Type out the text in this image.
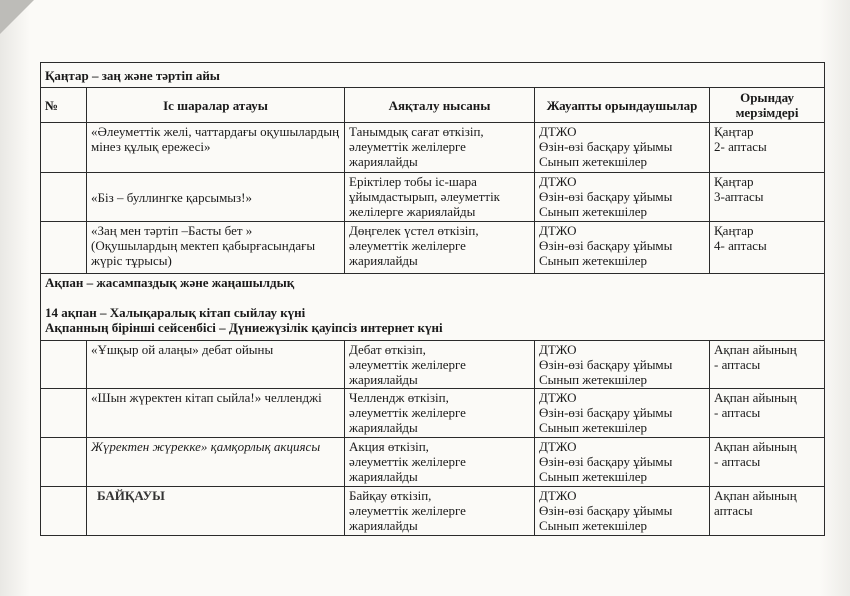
Қаңтар – заң және тәртіп айы				
№	Іс шаралар атауы	Аяқталу нысаны	Жауапты орындаушылар	Орындау мерзімдері
	«Әлеуметтік желі, чаттардағы оқушылардың мінез құлық ережесі»	Танымдық сағат өткізіп,
әлеуметтік желілерге
жариялайды	ДТЖО
Өзін-өзі басқару ұйымы
Сынып жетекшілер	Қаңтар
2- аптасы

	«Біз – буллингке қарсымыз!»	Еріктілер тобы іс-шара
ұйымдастырып, әлеуметтік
желілерге жариялайды	ДТЖО
Өзін-өзі басқару ұйымы
Сынып жетекшілер	Қаңтар
3-аптасы

	«Заң мен тәртіп –Басты бет » (Оқушылардың мектеп қабырғасындағы жүріс тұрысы)	Дөңгелек үстел өткізіп,
әлеуметтік желілерге
жариялайды	ДТЖО
Өзін-өзі басқару ұйымы
Сынып жетекшілер	Қаңтар
4- аптасы

Ақпан – жасампаздық және жаңашылдық
14 ақпан – Халықаралық кітап сыйлау күні
Ақпанның бірінші сейсенбісі – Дүниежүзілік қауіпсіз интернет күні				

	«Ұшқыр ой алаңы» дебат ойыны	Дебат өткізіп,
әлеуметтік желілерге
жариялайды	ДТЖО
Өзін-өзі басқару ұйымы
Сынып жетекшілер	Ақпан айының
- аптасы

	«Шын жүректен кітап сыйла!» челленджі	Челлендж өткізіп,
әлеуметтік желілерге
жариялайды	ДТЖО
Өзін-өзі басқару ұйымы
Сынып жетекшілер	Ақпан айының
- аптасы

	Жүректен жүрекке» қамқорлық акциясы	Акция өткізіп,
әлеуметтік желілерге
жариялайды	ДТЖО
Өзін-өзі басқару ұйымы
Сынып жетекшілер	Ақпан айының
- аптасы

	БАЙҚАУЫ	Байқау өткізіп,
әлеуметтік желілерге
жариялайды	ДТЖО
Өзін-өзі басқару ұйымы
Сынып жетекшілер	Ақпан айының
аптасы
